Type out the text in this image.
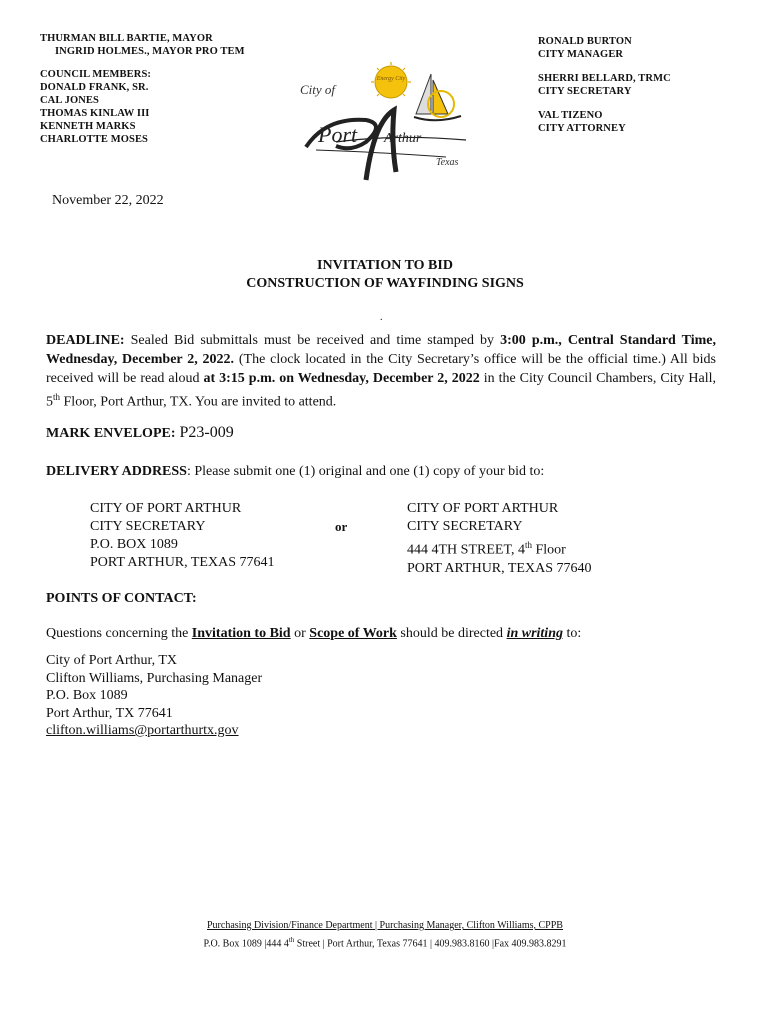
THURMAN BILL BARTIE, MAYOR
INGRID HOLMES., MAYOR PRO TEM
COUNCIL MEMBERS:
DONALD FRANK, SR.
CAL JONES
THOMAS KINLAW III
KENNETH MARKS
CHARLOTTE MOSES
RONALD BURTON
CITY MANAGER
SHERRI BELLARD, TRMC
CITY SECRETARY
VAL TIZENO
CITY ATTORNEY
Energy City
City of
Port Arthur
Texas
November 22, 2022
INVITATION TO BID
CONSTRUCTION OF WAYFINDING SIGNS
.
DEADLINE: Sealed Bid submittals must be received and time stamped by 3:00 p.m., Central Standard Time, Wednesday, December 2, 2022. (The clock located in the City Secretary’s office will be the official time.) All bids received will be read aloud at 3:15 p.m. on Wednesday, December 2, 2022 in the City Council Chambers, City Hall, 5th Floor, Port Arthur, TX. You are invited to attend.
MARK ENVELOPE: P23-009
DELIVERY ADDRESS: Please submit one (1) original and one (1) copy of your bid to:
CITY OF PORT ARTHUR
CITY SECRETARY
P.O. BOX 1089
PORT ARTHUR, TEXAS 77641
or
CITY OF PORT ARTHUR
CITY SECRETARY
444 4TH STREET, 4th Floor
PORT ARTHUR, TEXAS 77640
POINTS OF CONTACT:
Questions concerning the Invitation to Bid or Scope of Work should be directed in writing to:
City of Port Arthur, TX
Clifton Williams, Purchasing Manager
P.O. Box 1089
Port Arthur, TX 77641
clifton.williams@portarthurtx.gov
Purchasing Division/Finance Department | Purchasing Manager, Clifton Williams, CPPB
P.O. Box 1089 |444 4th Street | Port Arthur, Texas 77641 | 409.983.8160 |Fax 409.983.8291
